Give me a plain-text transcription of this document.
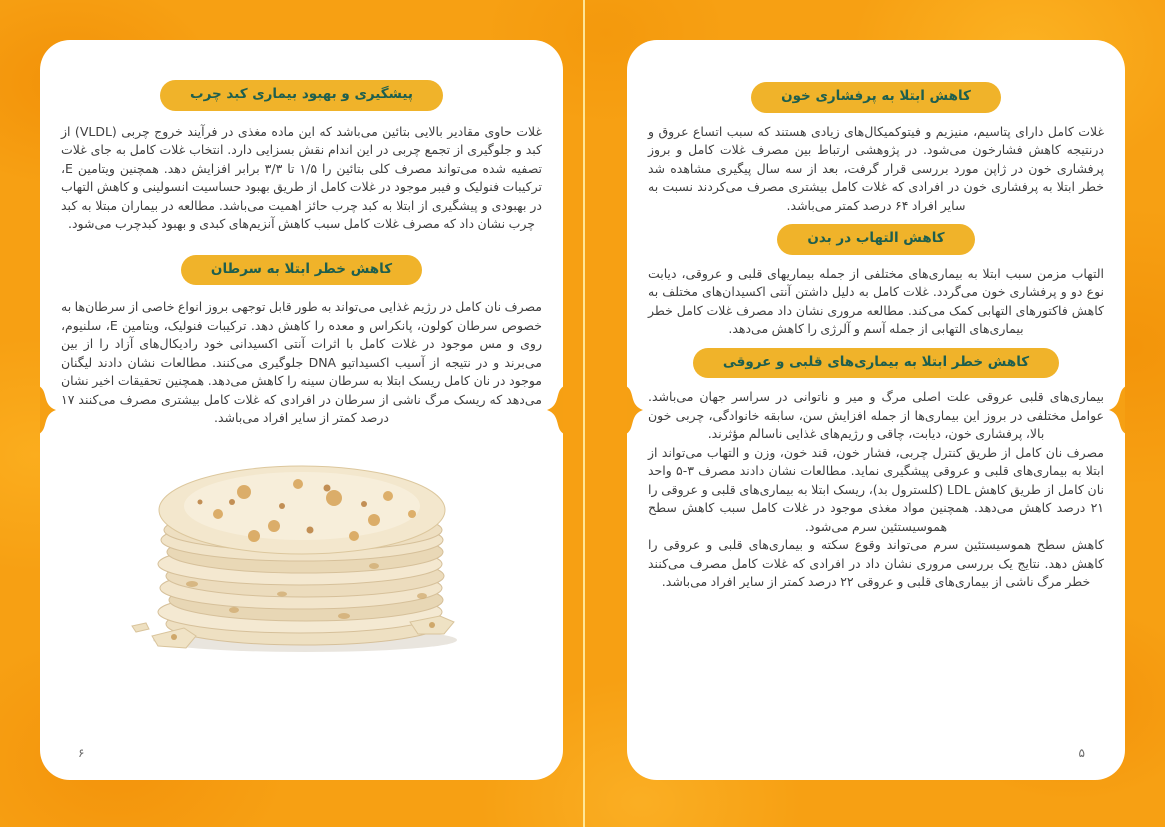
پیشگیری و بهبود بیماری کبد چرب

غلات حاوی مقادیر بالایی بتائین می‌باشد که این ماده مغذی در فرآیند خروج چربی (VLDL) از کبد و جلوگیری از تجمع چربی در این اندام نقش بسزایی دارد. انتخاب غلات کامل به جای غلات تصفیه شده می‌تواند مصرف کلی بتائین را ۱/۵ تا ۳/۳ برابر افزایش دهد. همچنین ویتامین E، ترکیبات فنولیک و فیبر موجود در غلات کامل از طریق بهبود حساسیت انسولینی و کاهش التهاب در بهبودی و پیشگیری از ابتلا به کبد چرب حائز اهمیت می‌باشد. مطالعه در بیماران مبتلا به کبد چرب نشان داد که مصرف غلات کامل سبب کاهش آنزیم‌های کبدی و بهبود کبدچرب می‌شود.

کاهش خطر ابتلا به سرطان

مصرف نان کامل در رژیم غذایی می‌تواند به طور قابل توجهی بروز انواع خاصی از سرطان‌ها به خصوص سرطان کولون، پانکراس و معده را کاهش دهد. ترکیبات فنولیک، ویتامین E، سلنیوم، روی و مس موجود در غلات کامل با اثرات آنتی اکسیدانی خود رادیکال‌های آزاد را از بین می‌برند و در نتیجه از آسیب اکسیداتیو DNA جلوگیری می‌کنند. مطالعات نشان دادند لیگنان موجود در نان کامل ریسک ابتلا به سرطان سینه را کاهش می‌دهد. همچنین تحقیقات اخیر نشان می‌دهد که ریسک مرگ ناشی از سرطان در افرادی که غلات کامل بیشتری مصرف می‌کنند ۱۷ درصد کمتر از سایر افراد می‌باشد.

۶
کاهش ابتلا به پرفشاری خون

غلات کامل دارای پتاسیم، منیزیم و فیتوکمیکال‌های زیادی هستند که سبب اتساع عروق و درنتیجه کاهش فشارخون می‌شود. در پژوهشی ارتباط بین مصرف غلات کامل و بروز پرفشاری خون در ژاپن مورد بررسی قرار گرفت، بعد از سه سال پیگیری مشاهده شد خطر ابتلا به پرفشاری خون در افرادی که غلات کامل بیشتری مصرف می‌کردند نسبت به سایر افراد ۶۴ درصد کمتر می‌باشد.

کاهش التهاب در بدن

التهاب مزمن سبب ابتلا به بیماری‌های مختلفی از جمله بیماریهای قلبی و عروقی، دیابت نوع دو و پرفشاری خون می‌گردد. غلات کامل به دلیل داشتن آنتی اکسیدان‌های مختلف به کاهش فاکتورهای التهابی کمک می‌کند. مطالعه مروری نشان داد مصرف غلات کامل خطر بیماری‌های التهابی از جمله آسم و آلرژی را کاهش می‌دهد.

کاهش خطر ابتلا به بیماری‌های قلبی و عروقی

بیماری‌های قلبی عروقی علت اصلی مرگ و میر و ناتوانی در سراسر جهان می‌باشد. عوامل مختلفی در بروز این بیماری‌ها از جمله افزایش سن، سابقه خانوادگی، چربی خون بالا، پرفشاری خون، دیابت، چاقی و رژیم‌های غذایی ناسالم مؤثرند.

مصرف نان کامل از طریق کنترل چربی، فشار خون، قند خون، وزن و التهاب می‌تواند از ابتلا به بیماری‌های قلبی و عروقی پیشگیری نماید. مطالعات نشان دادند مصرف ۳-۵ واحد نان کامل از طریق کاهش LDL (کلسترول بد)، ریسک ابتلا به بیماری‌های قلبی و عروقی را ۲۱ درصد کاهش می‌دهد. همچنین مواد مغذی موجود در غلات کامل سبب کاهش سطح هموسیستئین سرم می‌شود.

کاهش سطح هموسیستئین سرم می‌تواند وقوع سکته و بیماری‌های قلبی و عروقی را کاهش دهد. نتایج یک بررسی مروری نشان داد در افرادی که غلات کامل مصرف می‌کنند خطر مرگ ناشی از بیماری‌های قلبی و عروقی ۲۲ درصد کمتر از سایر افراد می‌باشد.

۵
